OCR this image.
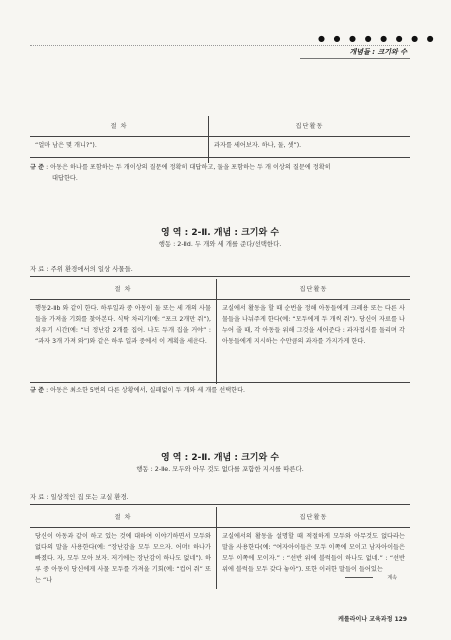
● ● ● ● ● ● ● ●
개념들 : 크기와 수
절 차	집단활동
“얼마 남은 몇 개니?”).	과자를 세어보자. 하나, 둘, 셋”).
규 준 : 아동은 하나를 포함하는 두 개이상의 질문에 정확히 대답하고, 둘을 포함하는 두 개 이상의 질문에 정확히
대답한다.
영 역 : 2-Ⅱ. 개념 : 크기와 수
행동 : 2-Ⅱd. 두 개와 세 개를 준다/선택한다.
자 료 : 주위 환경에서의 일상 사물들.
절 차	집단활동
행동2-Ⅱb 와 같이 한다. 하루일과 중 아동이 둘 또는 세 개의 사물들을 가져올 기회를 찾아본다. 식탁 차리기(예: “포크 2개만 줘”), 치우기 시간(예: “너 정난감 2개를 집어. 나도 두개 집을 거야” : “과자 3개 가져 와”)와 같은 하루 일과 중에서 이 계획을 세운다.	교실에서 활동을 할 때 순번을 정해 아동들에게 크레용 또는 다른 사물들을 나눠주게 한다(예: “모두에게 두 개씩 줘”). 당신이 자료를 나누어 줄 때, 각 아동들 위해 그것을 세어준다 : 과자접시를 돌리며 각 아동들에게 지시하는 수만큼의 과자를 가지가게 한다.
규 준 : 아동은 최소한 5번의 다른 상황에서, 실패없이 두 개와 세 개를 선택한다.
영 역 : 2-Ⅱ. 개념 : 크기와 수
행동 : 2-Ⅱe. 모두와 아무 것도 없다를 포함한 지시를 따른다.
자 료 : 일상적인 집 또는 교실 환경.
절 차	집단활동
당신이 아동과 같이 하고 있는 것에 대하여 이야기하면서 모두와 없다의 말을 사용한다(예: “장난감을 모두 모으자. 어머! 하나가 빠졌다. 자, 모두 모아 보자. 저기에는 장난감이 하나도 없네”). 하루 중 아동이 당신에게 사물 모두를 가져올 기회(예: “컵어 줘” 또는 “나	교실에서의 활동을 설명할 때 적절하게 모두와 아무것도 없다라는 말을 사용한다(예: “여자아이들은 모두 이쪽에 모이고 남자아이들은 모두 이쪽에 모이자.” : “선반 위에 블럭들이 하나도 없네.” : “선반 위에 블럭들 모두 갖다 놓아”). 또한 이러한 말들이 들어있는
계속
케롤라이나 교육과정 129
